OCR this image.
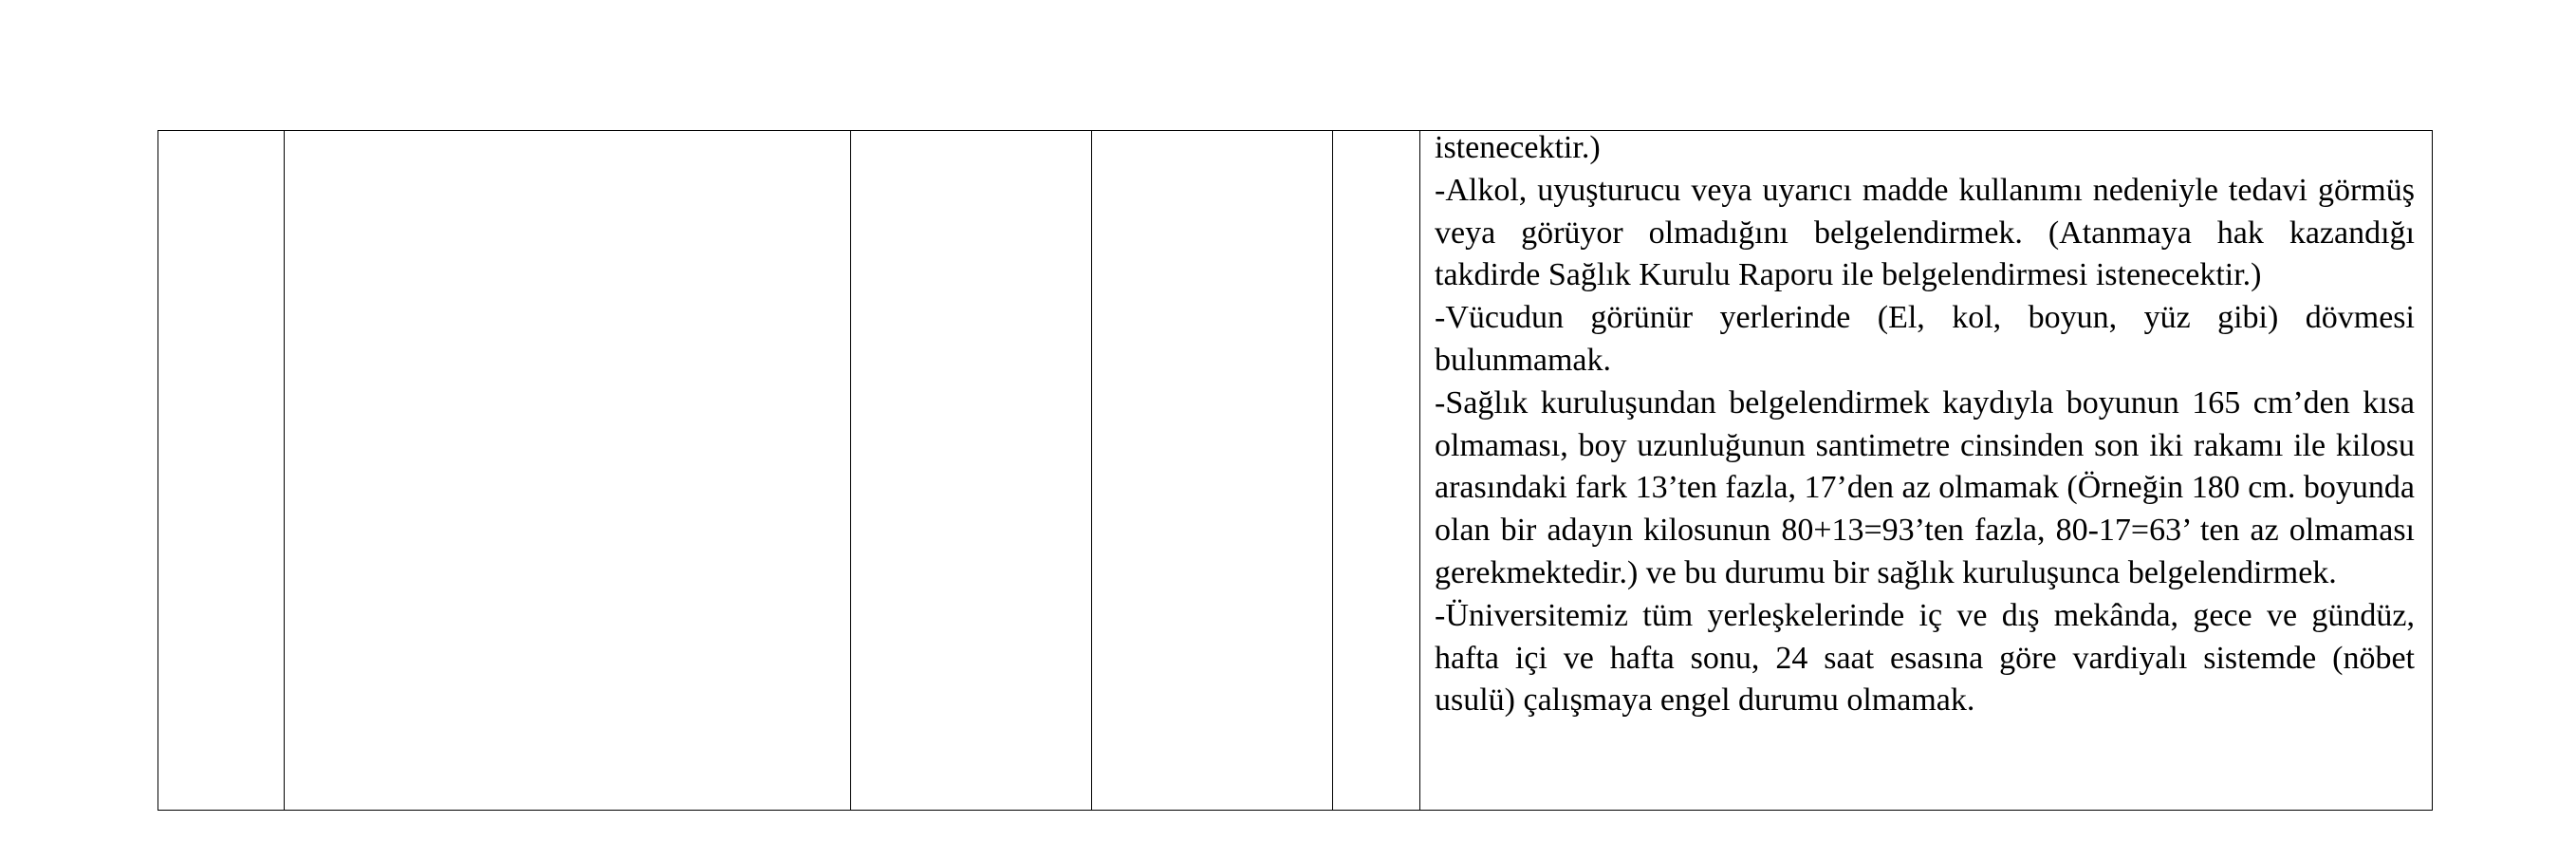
istenecektir.)

-Alkol, uyuşturucu veya uyarıcı madde kullanımı nedeniyle tedavi görmüş veya görüyor olmadığını belgelendirmek. (Atanmaya hak kazandığı takdirde Sağlık Kurulu Raporu ile belgelendirmesi istenecektir.)

-Vücudun görünür yerlerinde (El, kol, boyun, yüz gibi) dövmesi bulunmamak.

-Sağlık kuruluşundan belgelendirmek kaydıyla boyunun 165 cm’den kısa olmaması, boy uzunluğunun santimetre cinsinden son iki rakamı ile kilosu arasındaki fark 13’ten fazla, 17’den az olmamak (Örneğin 180 cm. boyunda olan bir adayın kilosunun 80+13=93’ten fazla, 80-17=63’ ten az olmaması gerekmektedir.) ve bu durumu bir sağlık kuruluşunca belgelendirmek.

-Üniversitemiz tüm yerleşkelerinde iç ve dış mekânda, gece ve gündüz, hafta içi ve hafta sonu, 24 saat esasına göre vardiyalı sistemde (nöbet usulü) çalışmaya engel durumu olmamak.
